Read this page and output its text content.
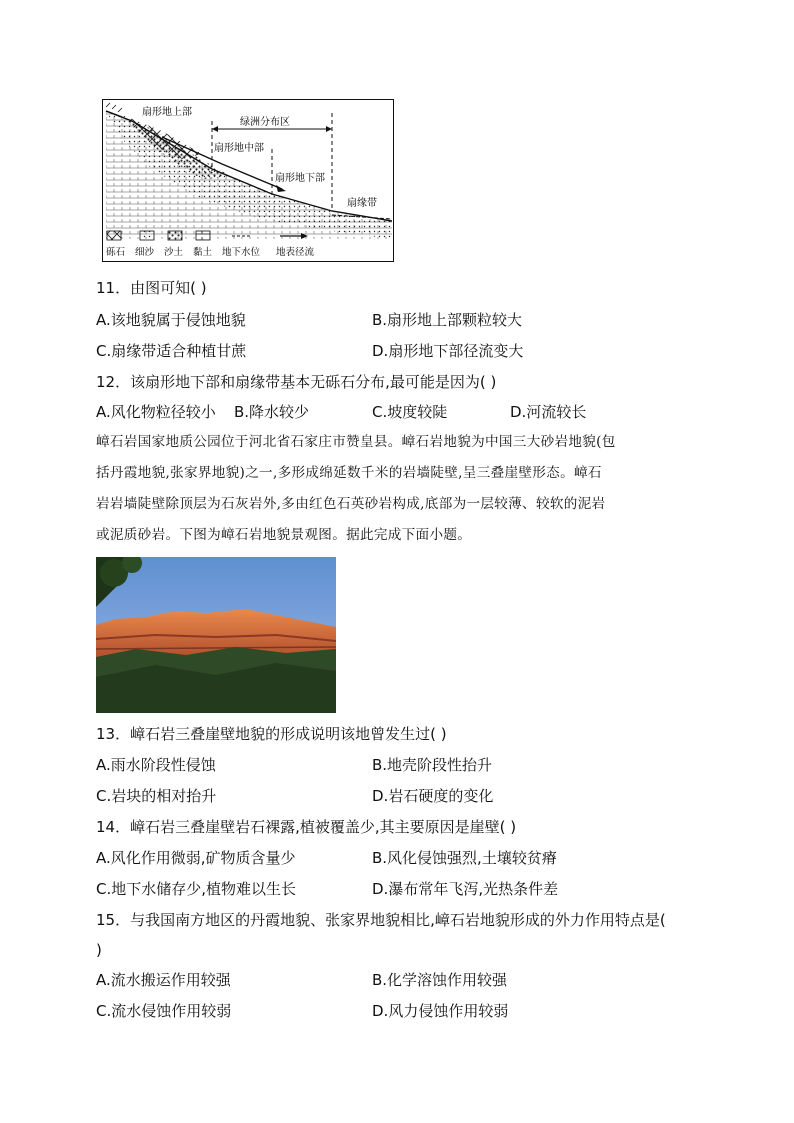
扇形地上部
绿洲分布区
扇形地中部
扇形地下部
扇缘带
砾石 细沙 沙土 黏土 地下水位 地表径流
11．由图可知( )
A.该地貌属于侵蚀地貌	B.扇形地上部颗粒较大
C.扇缘带适合种植甘蔗	D.扇形地下部径流变大
12．该扇形地下部和扇缘带基本无砾石分布,最可能是因为( )
A.风化物粒径较小 B.降水较少	C.坡度较陡	D.河流较长
嶂石岩国家地质公园位于河北省石家庄市赞皇县。嶂石岩地貌为中国三大砂岩地貌(包
括丹霞地貌,张家界地貌)之一,多形成绵延数千米的岩墙陡壁,呈三叠崖壁形态。嶂石
岩岩墙陡壁除顶层为石灰岩外,多由红色石英砂岩构成,底部为一层较薄、较软的泥岩
或泥质砂岩。下图为嶂石岩地貌景观图。据此完成下面小题。
13．嶂石岩三叠崖壁地貌的形成说明该地曾发生过( )
A.雨水阶段性侵蚀	B.地壳阶段性抬升
C.岩块的相对抬升	D.岩石硬度的变化
14．嶂石岩三叠崖壁岩石裸露,植被覆盖少,其主要原因是崖壁( )
A.风化作用微弱,矿物质含量少	B.风化侵蚀强烈,土壤较贫瘠
C.地下水储存少,植物难以生长	D.瀑布常年飞泻,光热条件差
15．与我国南方地区的丹霞地貌、张家界地貌相比,嶂石岩地貌形成的外力作用特点是(
)
A.流水搬运作用较强	B.化学溶蚀作用较强
C.流水侵蚀作用较弱	D.风力侵蚀作用较弱
